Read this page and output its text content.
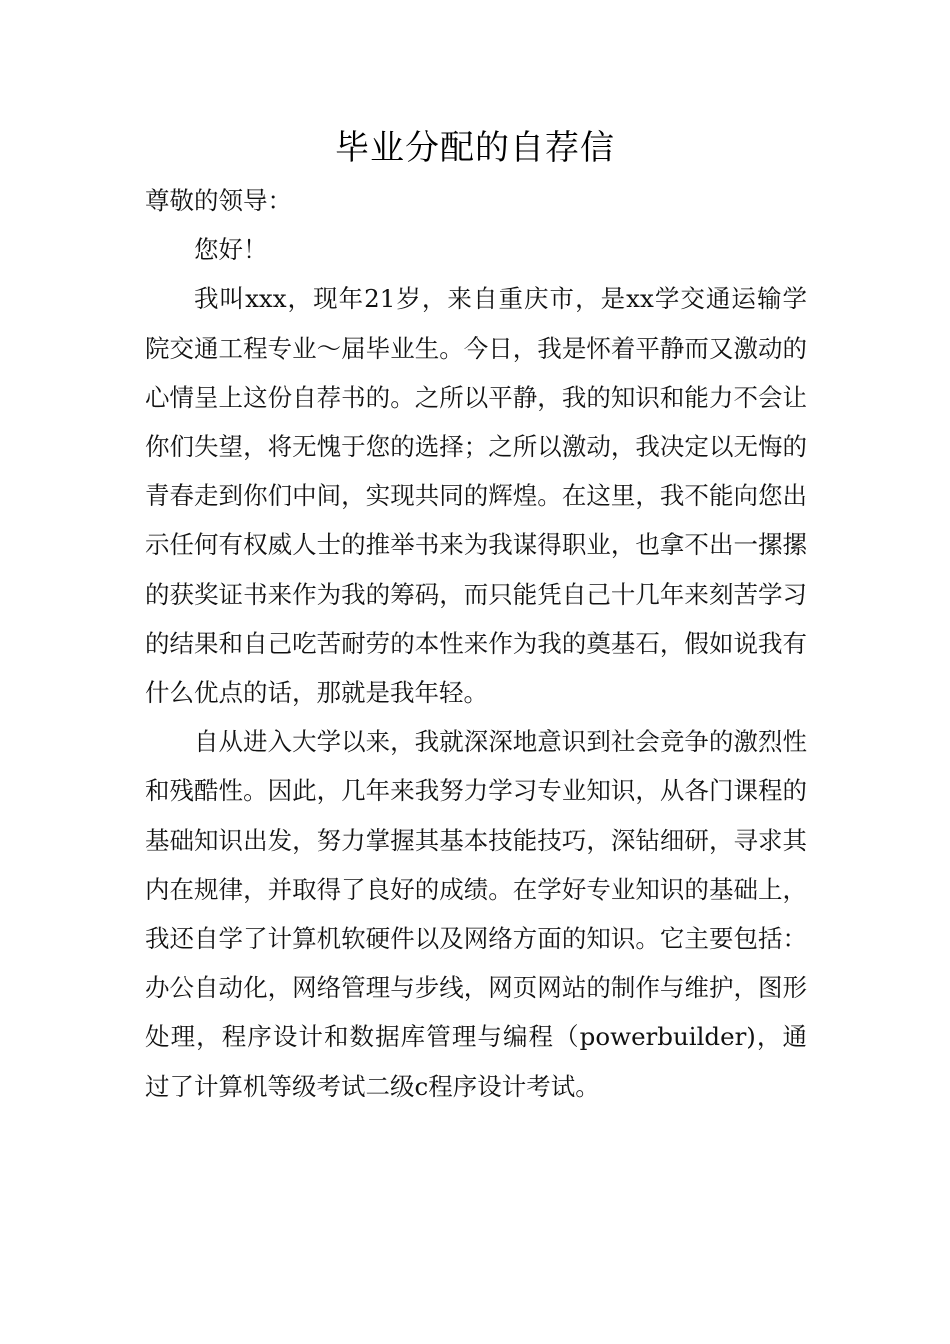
毕业分配的自荐信

尊敬的领导：

您好！

我叫xxx，现年21岁，来自重庆市，是xx学交通运输学院交通工程专业～届毕业生。今日，我是怀着平静而又激动的心情呈上这份自荐书的。之所以平静，我的知识和能力不会让你们失望，将无愧于您的选择；之所以激动，我决定以无悔的青春走到你们中间，实现共同的辉煌。在这里，我不能向您出示任何有权威人士的推举书来为我谋得职业，也拿不出一摞摞的获奖证书来作为我的筹码，而只能凭自己十几年来刻苦学习的结果和自己吃苦耐劳的本性来作为我的奠基石，假如说我有什么优点的话，那就是我年轻。

自从进入大学以来，我就深深地意识到社会竞争的激烈性和残酷性。因此，几年来我努力学习专业知识，从各门课程的基础知识出发，努力掌握其基本技能技巧，深钻细研，寻求其内在规律，并取得了良好的成绩。在学好专业知识的基础上，我还自学了计算机软硬件以及网络方面的知识。它主要包括：办公自动化，网络管理与步线，网页网站的制作与维护，图形处理，程序设计和数据库管理与编程（powerbuilder)，通过了计算机等级考试二级c程序设计考试。
